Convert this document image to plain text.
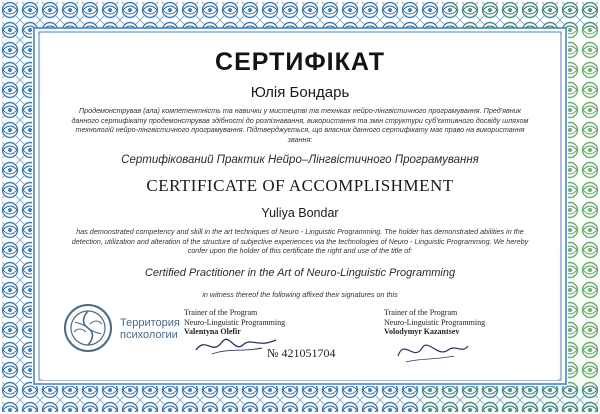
СЕРТИФІКАТ
Юлія Бондарь
Продемонстрував (ала) компетентність та навички у мистецтві та техніках нейро-лінгвістичного програмування. Пред'явник данного сертифікату продемонстрував здібності до розпізнавання, використання та змін структури суб'єктивного досвіду шляхом технологій нейро-лінгвістичного програмування. Підтверджується, що власник данного сертифікату має право на використання звання:
Сертифікований Практик Нейро–Лінгвістичного Програмування
CERTIFICATE OF ACCOMPLISHMENT
Yuliya Bondar
has demonstrated competency and skill in the art techniques of Neuro - Linguistic Programming. The holder has demonstrated abilities in the detection, utilization and alteration of the structure of subjective experiences via the technologies of Neuro - Linguistic Programming. We hereby confer upon the holder of this certificate the right and use of the title of:
Certified Practitioner in the Art of Neuro-Linguistic Programming
in witness thereof the following affixed their signatures on this
Территория
психологии
Trainer of the Program
Neuro-Linguistic Programming
Valentyna Olefir
Trainer of the Program
Neuro-Linguistic Programming
Volodymyr Kazantsev
№ 421051704
